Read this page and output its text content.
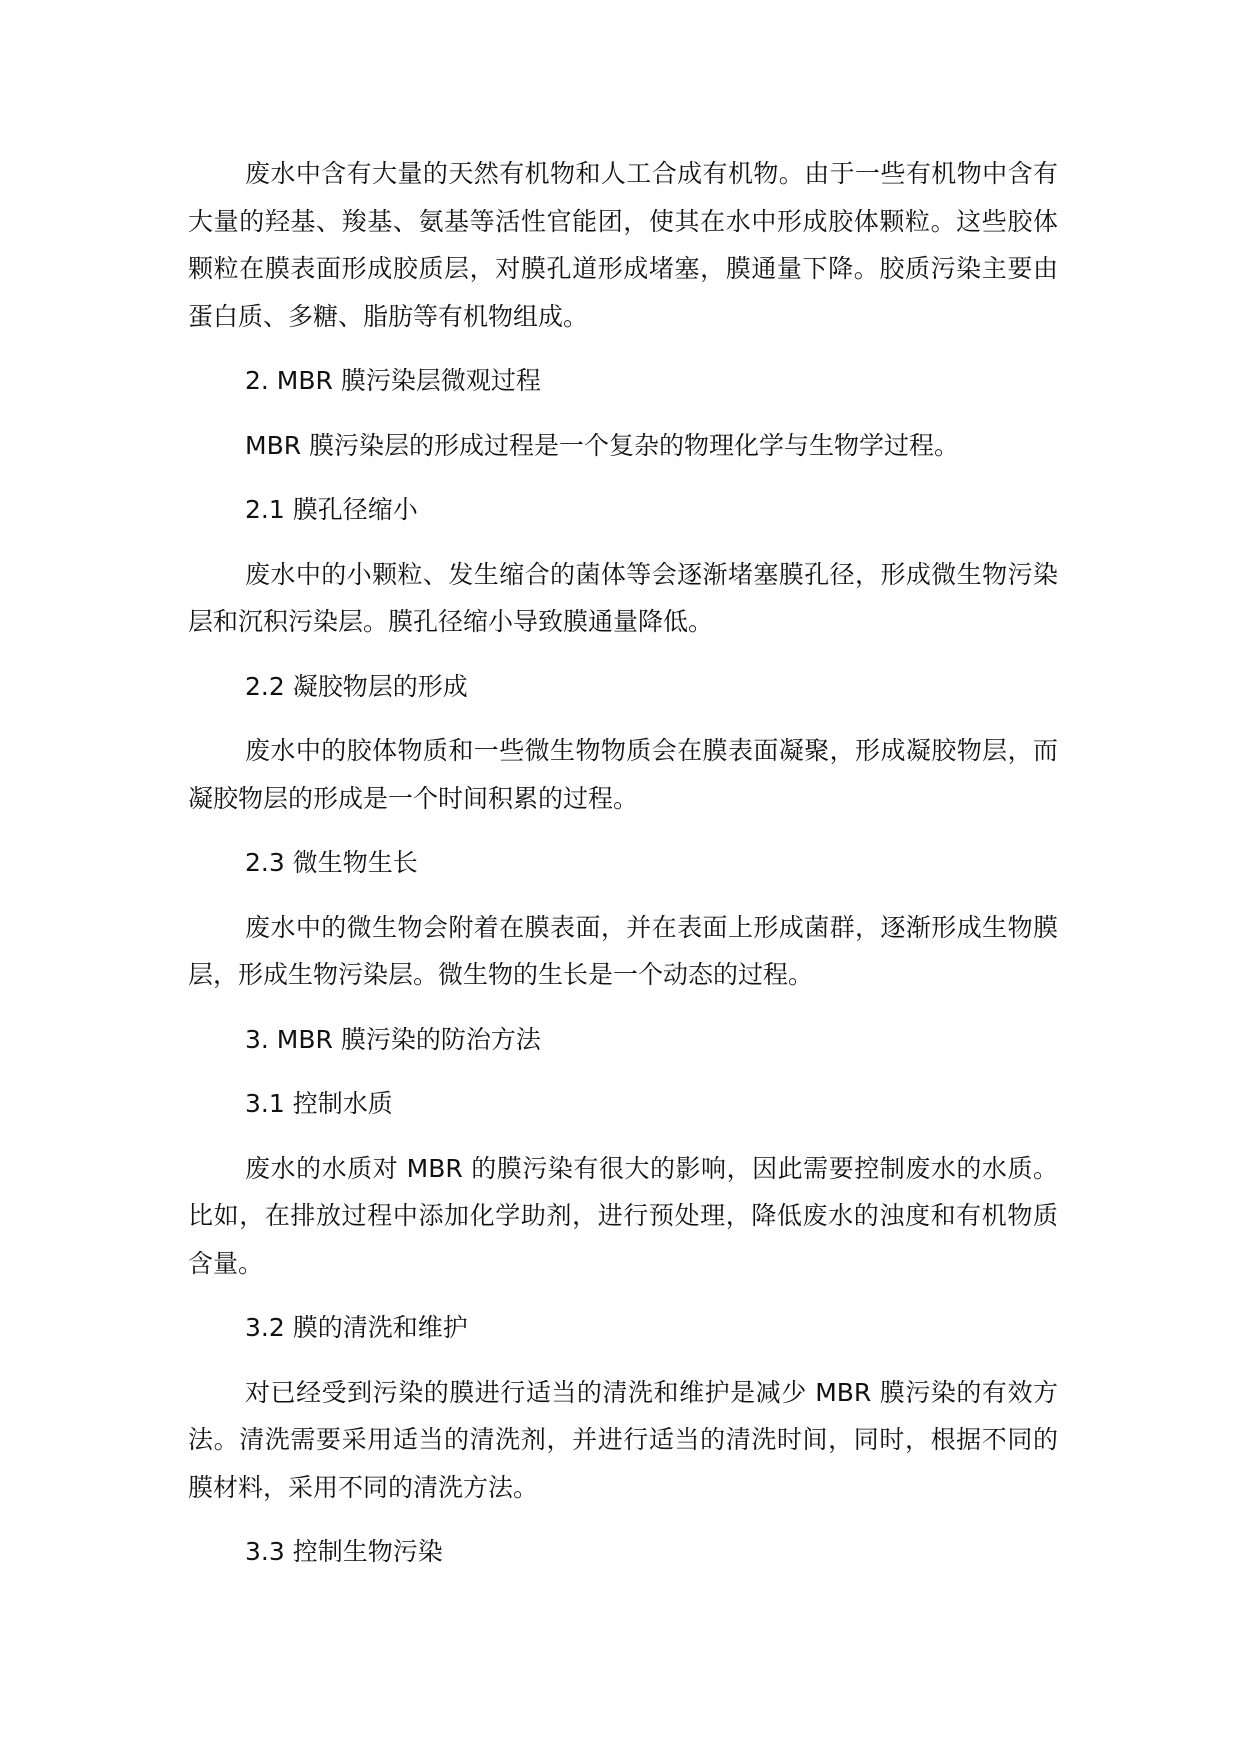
废水中含有大量的天然有机物和人工合成有机物。由于一些有机物中含有大量的羟基、羧基、氨基等活性官能团，使其在水中形成胶体颗粒。这些胶体颗粒在膜表面形成胶质层，对膜孔道形成堵塞，膜通量下降。胶质污染主要由蛋白质、多糖、脂肪等有机物组成。

2. MBR 膜污染层微观过程

MBR 膜污染层的形成过程是一个复杂的物理化学与生物学过程。

2.1 膜孔径缩小

废水中的小颗粒、发生缩合的菌体等会逐渐堵塞膜孔径，形成微生物污染层和沉积污染层。膜孔径缩小导致膜通量降低。

2.2 凝胶物层的形成

废水中的胶体物质和一些微生物物质会在膜表面凝聚，形成凝胶物层，而凝胶物层的形成是一个时间积累的过程。

2.3 微生物生长

废水中的微生物会附着在膜表面，并在表面上形成菌群，逐渐形成生物膜层，形成生物污染层。微生物的生长是一个动态的过程。

3. MBR 膜污染的防治方法

3.1 控制水质

废水的水质对 MBR 的膜污染有很大的影响，因此需要控制废水的水质。比如，在排放过程中添加化学助剂，进行预处理，降低废水的浊度和有机物质含量。

3.2 膜的清洗和维护

对已经受到污染的膜进行适当的清洗和维护是减少 MBR 膜污染的有效方法。清洗需要采用适当的清洗剂，并进行适当的清洗时间，同时，根据不同的膜材料，采用不同的清洗方法。

3.3 控制生物污染
